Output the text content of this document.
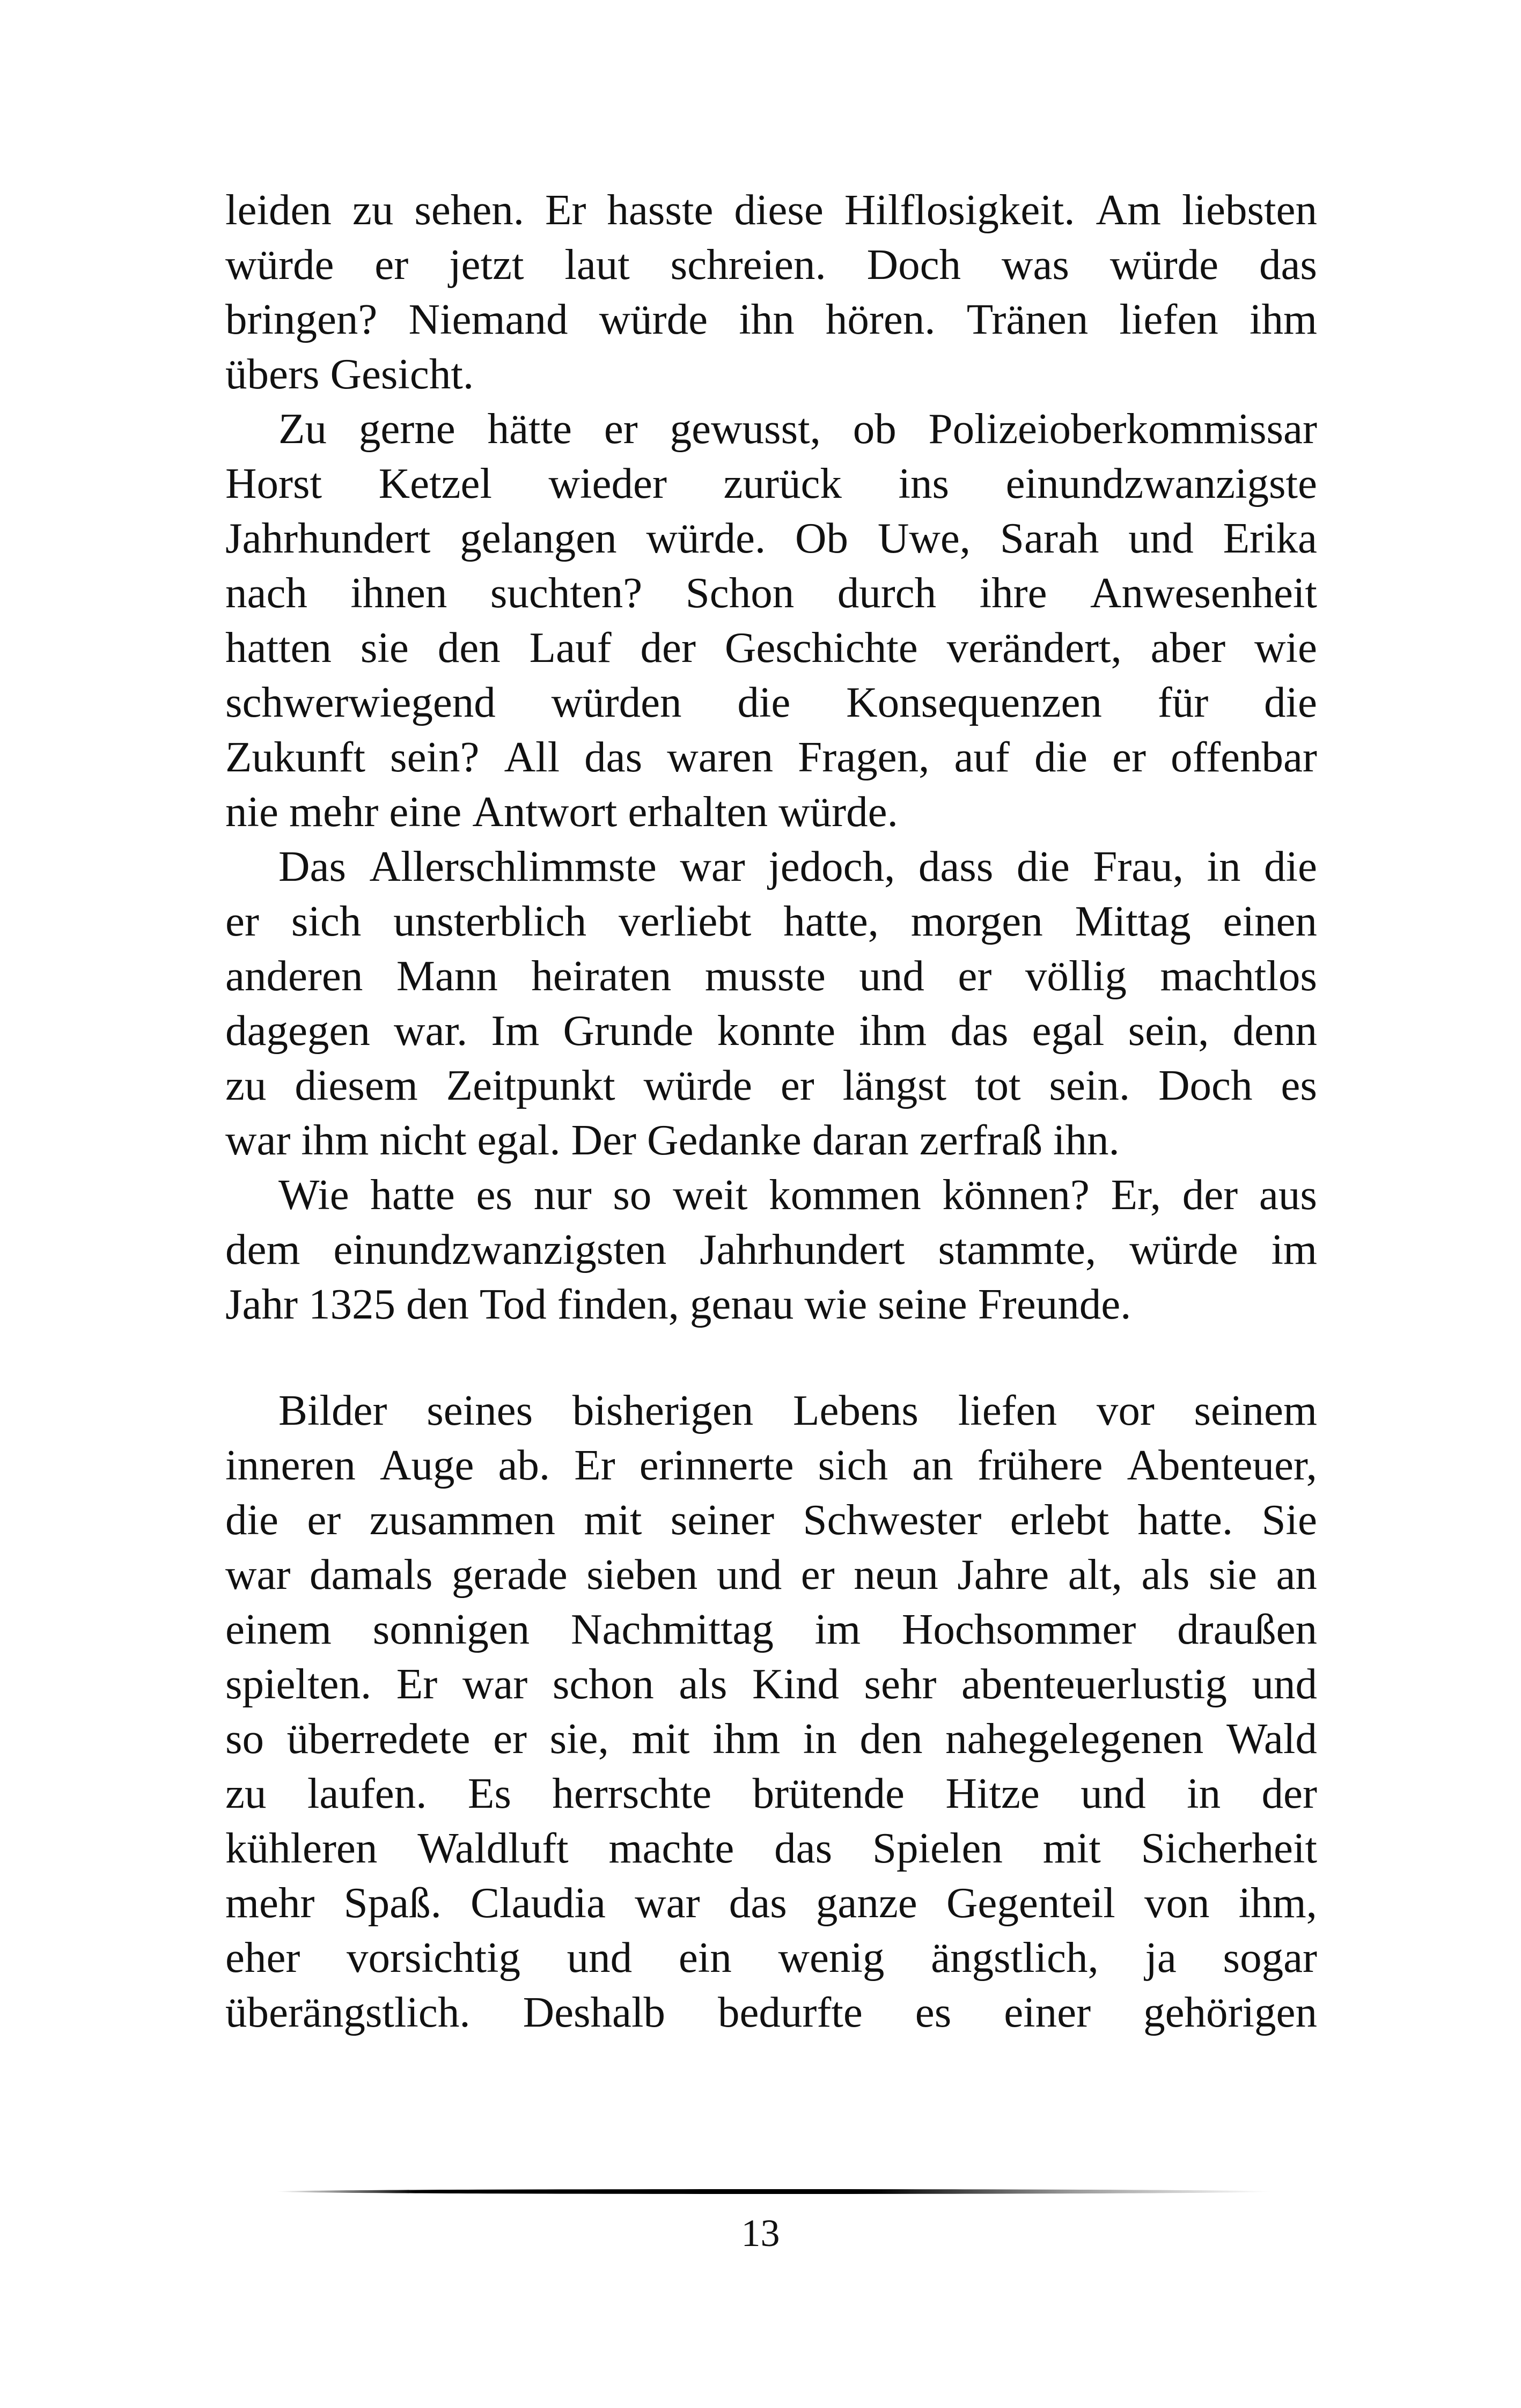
leiden zu sehen. Er hasste diese Hilflosigkeit. Am liebsten
würde er jetzt laut schreien. Doch was würde das
bringen? Niemand würde ihn hören. Tränen liefen ihm
übers Gesicht.
Zu gerne hätte er gewusst, ob Polizeioberkommissar
Horst Ketzel wieder zurück ins einundzwanzigste
Jahrhundert gelangen würde. Ob Uwe, Sarah und Erika
nach ihnen suchten? Schon durch ihre Anwesenheit
hatten sie den Lauf der Geschichte verändert, aber wie
schwerwiegend würden die Konsequenzen für die
Zukunft sein? All das waren Fragen, auf die er offenbar
nie mehr eine Antwort erhalten würde.
Das Allerschlimmste war jedoch, dass die Frau, in die
er sich unsterblich verliebt hatte, morgen Mittag einen
anderen Mann heiraten musste und er völlig machtlos
dagegen war. Im Grunde konnte ihm das egal sein, denn
zu diesem Zeitpunkt würde er längst tot sein. Doch es
war ihm nicht egal. Der Gedanke daran zerfraß ihn.
Wie hatte es nur so weit kommen können? Er, der aus
dem einundzwanzigsten Jahrhundert stammte, würde im
Jahr 1325 den Tod finden, genau wie seine Freunde.
Bilder seines bisherigen Lebens liefen vor seinem
inneren Auge ab. Er erinnerte sich an frühere Abenteuer,
die er zusammen mit seiner Schwester erlebt hatte. Sie
war damals gerade sieben und er neun Jahre alt, als sie an
einem sonnigen Nachmittag im Hochsommer draußen
spielten. Er war schon als Kind sehr abenteuerlustig und
so überredete er sie, mit ihm in den nahegelegenen Wald
zu laufen. Es herrschte brütende Hitze und in der
kühleren Waldluft machte das Spielen mit Sicherheit
mehr Spaß. Claudia war das ganze Gegenteil von ihm,
eher vorsichtig und ein wenig ängstlich, ja sogar
überängstlich. Deshalb bedurfte es einer gehörigen
13
